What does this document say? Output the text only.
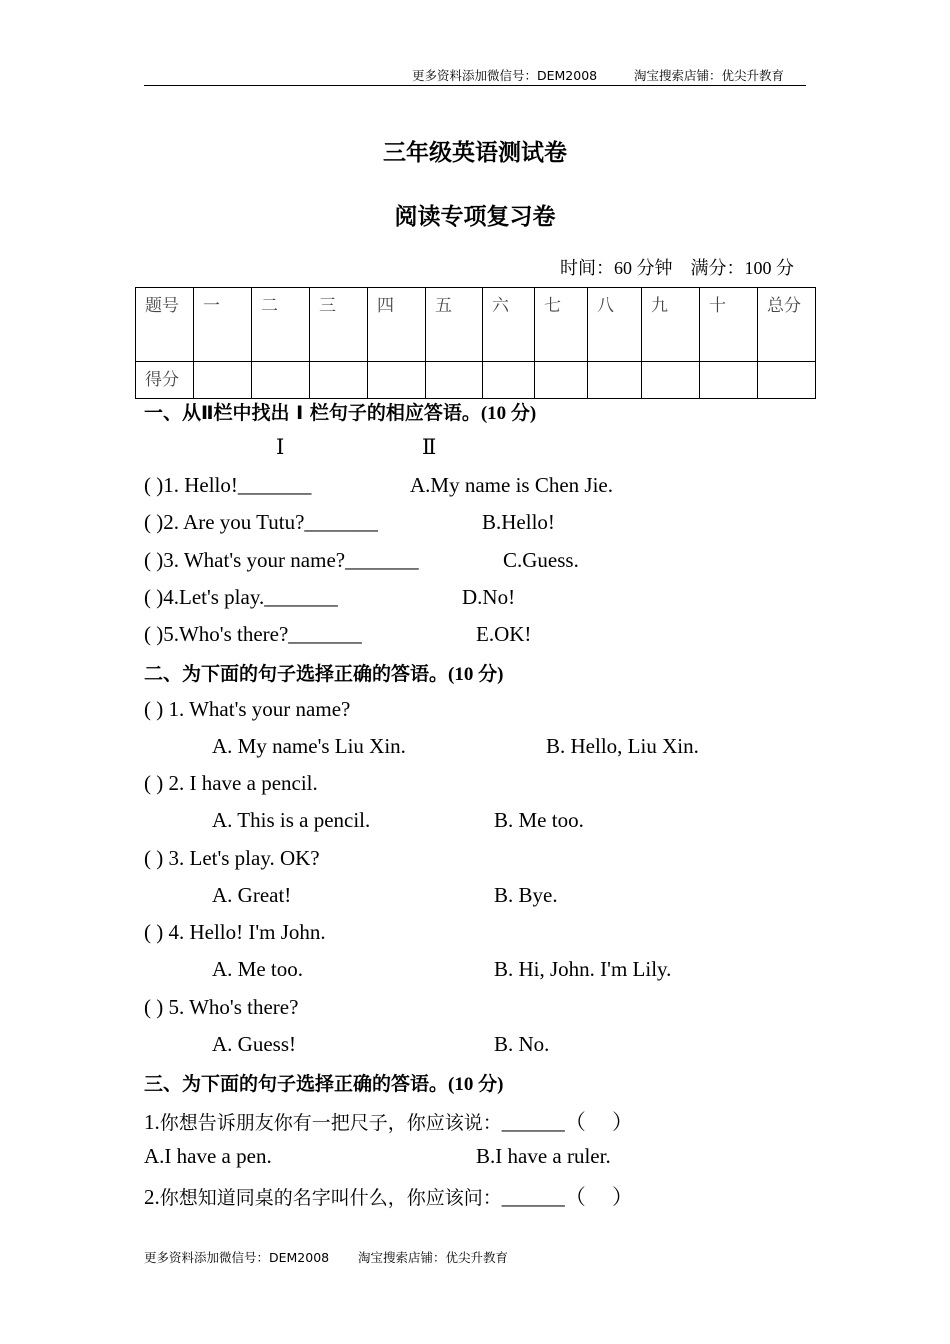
更多资料添加微信号：DEM2008	淘宝搜索店铺：优尖升教育
三年级英语测试卷
阅读专项复习卷
时间：60 分钟　满分：100 分
题号	一	二	三	四	五	六	七	八	九	十	总分
得分											
一、从Ⅱ栏中找出 I 栏句子的相应答语。(10 分)
Ⅰ	Ⅱ
( )1. Hello!_______	A.My name is Chen Jie.
( )2. Are you Tutu?_______	B.Hello!
( )3. What's your name?_______	C.Guess.
( )4.Let's play._______	D.No!
( )5.Who's there?_______	E.OK!
二、为下面的句子选择正确的答语。(10 分)
( ) 1. What's your name?
A. My name's Liu Xin.	B. Hello, Liu Xin.
( ) 2. I have a pencil.
A. This is a pencil.	B. Me too.
( ) 3. Let's play. OK?
A. Great!	B. Bye.
( ) 4. Hello! I'm John.
A. Me too.	B. Hi, John. I'm Lily.
( ) 5. Who's there?
A. Guess!	B. No.
三、为下面的句子选择正确的答语。(10 分)
1.你想告诉朋友你有一把尺子，你应该说：______（　 ）
A.I have a pen.	B.I have a ruler.
2.你想知道同桌的名字叫什么，你应该问：______（　 ）
更多资料添加微信号：DEM2008 淘宝搜索店铺：优尖升教育
